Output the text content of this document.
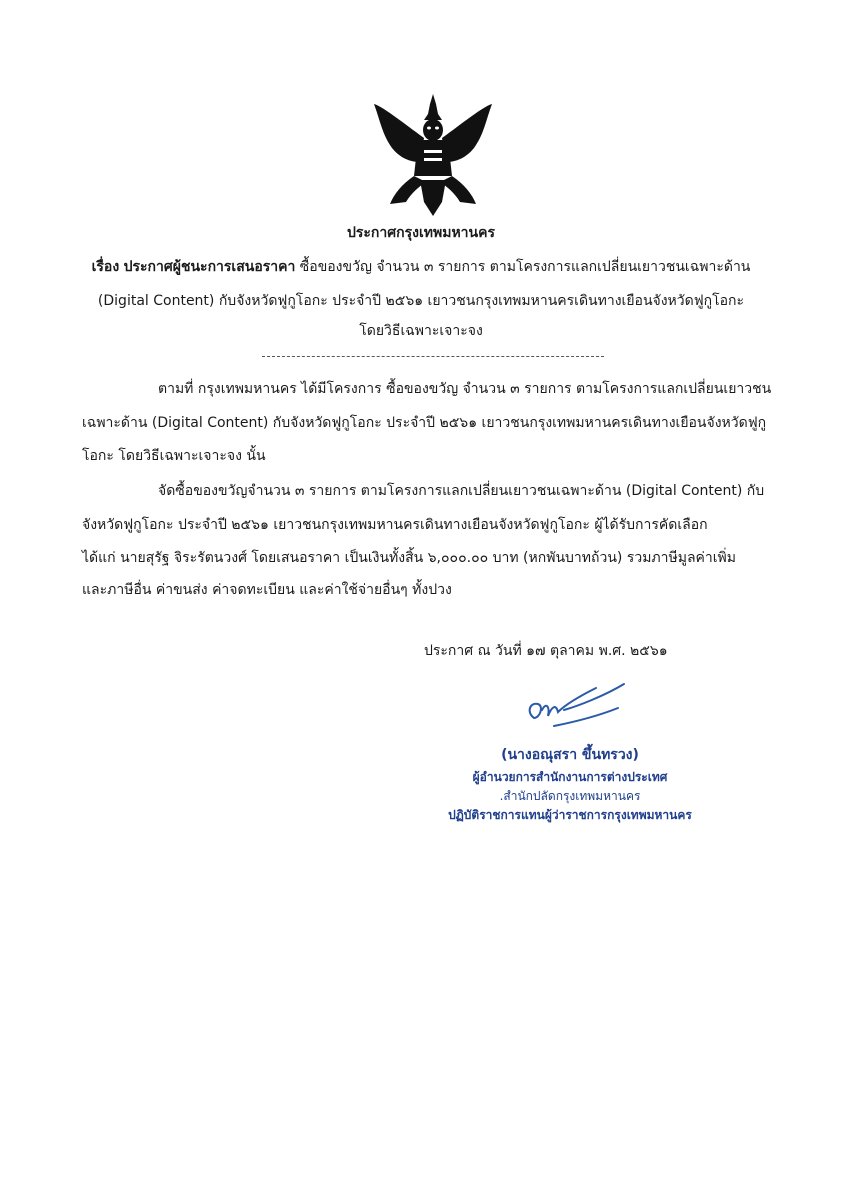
ประกาศกรุงเทพมหานคร
เรื่อง ประกาศผู้ชนะการเสนอราคา ซื้อของขวัญ จำนวน ๓ รายการ ตามโครงการแลกเปลี่ยนเยาวชนเฉพาะด้าน
(Digital Content) กับจังหวัดฟูกูโอกะ ประจำปี ๒๕๖๑ เยาวชนกรุงเทพมหานครเดินทางเยือนจังหวัดฟูกูโอกะ
โดยวิธีเฉพาะเจาะจง
ตามที่ กรุงเทพมหานคร ได้มีโครงการ ซื้อของขวัญ จำนวน ๓ รายการ ตามโครงการแลกเปลี่ยนเยาวชน
เฉพาะด้าน (Digital Content) กับจังหวัดฟูกูโอกะ ประจำปี ๒๕๖๑ เยาวชนกรุงเทพมหานครเดินทางเยือนจังหวัดฟูกู
โอกะ โดยวิธีเฉพาะเจาะจง นั้น
จัดซื้อของขวัญจำนวน ๓ รายการ ตามโครงการแลกเปลี่ยนเยาวชนเฉพาะด้าน (Digital Content) กับ
จังหวัดฟูกูโอกะ ประจำปี ๒๕๖๑ เยาวชนกรุงเทพมหานครเดินทางเยือนจังหวัดฟูกูโอกะ ผู้ได้รับการคัดเลือก
ได้แก่ นายสุรัฐ จิระรัตนวงศ์ โดยเสนอราคา เป็นเงินทั้งสิ้น ๖,๐๐๐.๐๐ บาท (หกพันบาทถ้วน) รวมภาษีมูลค่าเพิ่ม
และภาษีอื่น ค่าขนส่ง ค่าจดทะเบียน และค่าใช้จ่ายอื่นๆ ทั้งปวง
ประกาศ ณ วันที่ ๑๗ ตุลาคม พ.ศ. ๒๕๖๑
(นางอณุสรา ขึ้นทรวง)
ผู้อำนวยการสำนักงานการต่างประเทศ
.สำนักปลัดกรุงเทพมหานคร
ปฏิบัติราชการแทนผู้ว่าราชการกรุงเทพมหานคร
